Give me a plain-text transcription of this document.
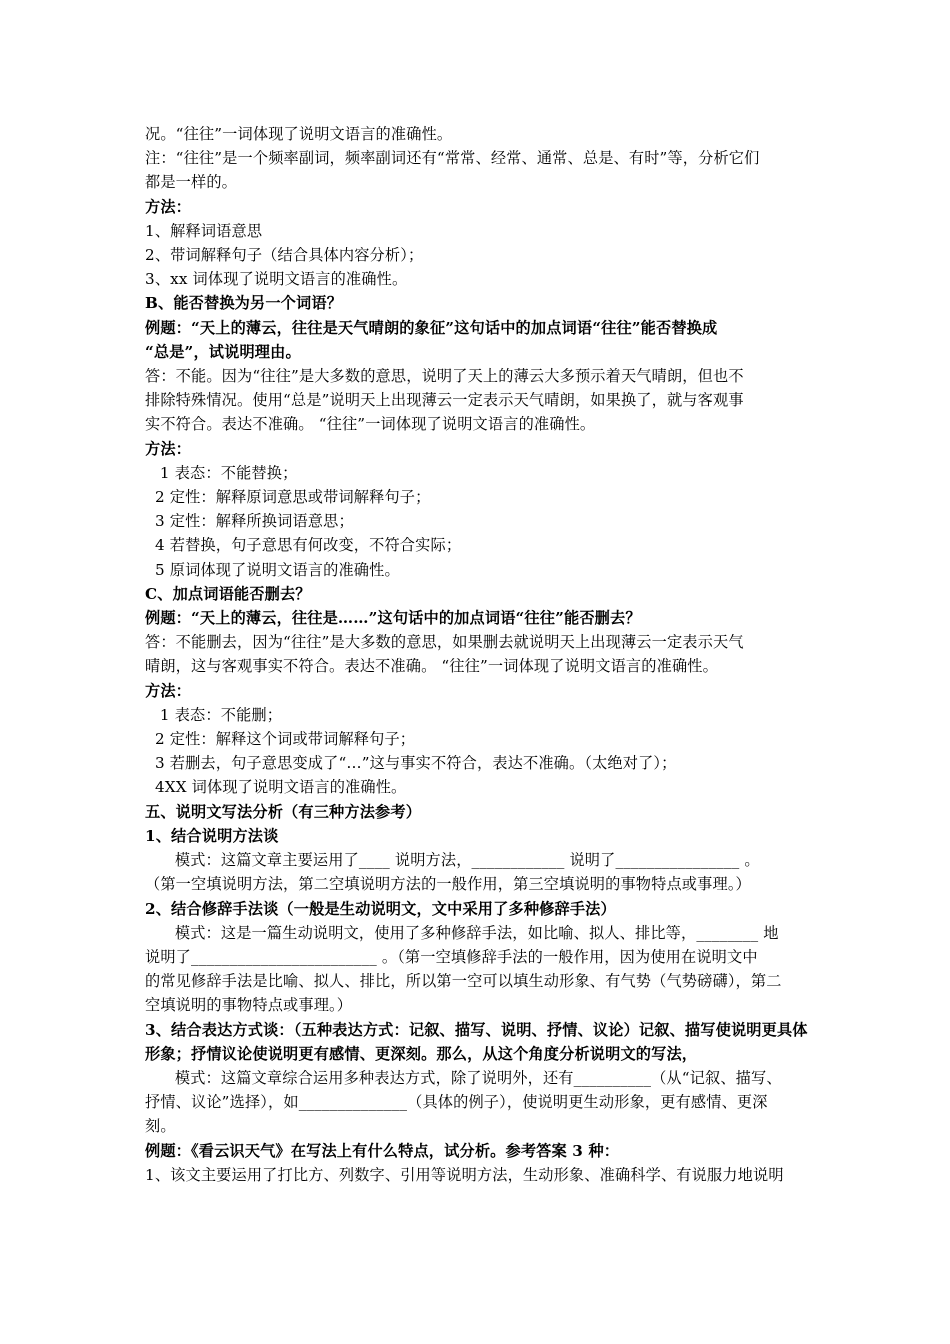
况。“往往”一词体现了说明文语言的准确性。
注：“往往”是一个频率副词，频率副词还有“常常、经常、通常、总是、有时”等，分析它们
都是一样的。
方法：
1、解释词语意思
2、带词解释句子（结合具体内容分析）；
3、xx 词体现了说明文语言的准确性。
B、能否替换为另一个词语？
例题：“天上的薄云，往往是天气晴朗的象征”这句话中的加点词语“往往”能否替换成
“总是”，试说明理由。
答：不能。因为“往往”是大多数的意思，说明了天上的薄云大多预示着天气晴朗，但也不
排除特殊情况。使用“总是”说明天上出现薄云一定表示天气晴朗，如果换了，就与客观事
实不符合。表达不准确。 “往往”一词体现了说明文语言的准确性。
方法：
1 表态：不能替换；
2 定性：解释原词意思或带词解释句子；
3 定性：解释所换词语意思；
4 若替换，句子意思有何改变，不符合实际；
5 原词体现了说明文语言的准确性。
C、加点词语能否删去？
例题：“天上的薄云，往往是……”这句话中的加点词语“往往”能否删去？
答：不能删去，因为“往往”是大多数的意思，如果删去就说明天上出现薄云一定表示天气
晴朗，这与客观事实不符合。表达不准确。 “往往”一词体现了说明文语言的准确性。
方法：
1 表态：不能删；
2 定性：解释这个词或带词解释句子；
3 若删去，句子意思变成了“…”这与事实不符合，表达不准确。（太绝对了）；
4XX 词体现了说明文语言的准确性。
五、说明文写法分析（有三种方法参考）
1、结合说明方法谈
模式：这篇文章主要运用了____ 说明方法，____________ 说明了________________ 。
（第一空填说明方法，第二空填说明方法的一般作用，第三空填说明的事物特点或事理。）
2、结合修辞手法谈（一般是生动说明文，文中采用了多种修辞手法）
模式：这是一篇生动说明文，使用了多种修辞手法，如比喻、拟人、排比等，________ 地
说明了________________________ 。（第一空填修辞手法的一般作用，因为使用在说明文中
的常见修辞手法是比喻、拟人、排比，所以第一空可以填生动形象、有气势（气势磅礴），第二
空填说明的事物特点或事理。）
3、结合表达方式谈：（五种表达方式：记叙、描写、说明、抒情、议论）记叙、描写使说明更具体
形象；抒情议论使说明更有感情、更深刻。那么，从这个角度分析说明文的写法，
模式：这篇文章综合运用多种表达方式，除了说明外，还有__________（从“记叙、描写、
抒情、议论”选择），如______________（具体的例子），使说明更生动形象，更有感情、更深
刻。
例题：《看云识天气》在写法上有什么特点，试分析。参考答案 3 种：
1、该文主要运用了打比方、列数字、引用等说明方法，生动形象、准确科学、有说服力地说明
